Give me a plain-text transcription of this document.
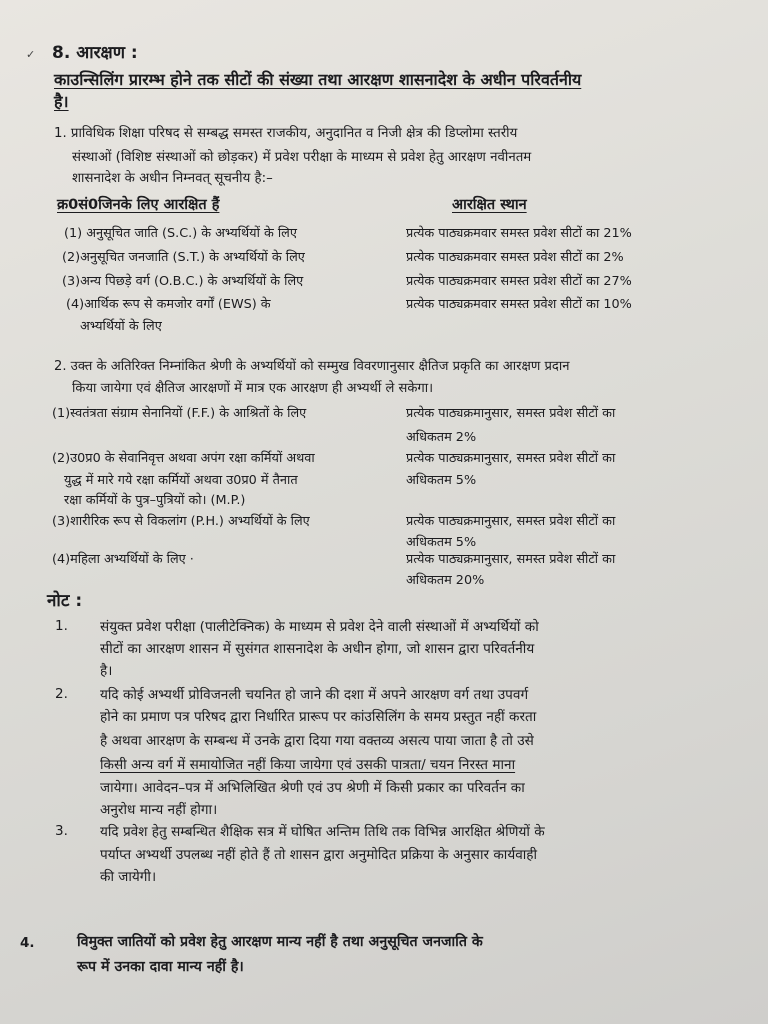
✓ 8. आरक्षण :
काउन्सिलिंग प्रारम्भ होने तक सीटों की संख्या तथा आरक्षण शासनादेश के अधीन परिवर्तनीय
है।
1. प्राविधिक शिक्षा परिषद से सम्बद्ध समस्त राजकीय, अनुदानित व निजी क्षेत्र की डिप्लोमा स्तरीय
संस्थाओं (विशिष्ट संस्थाओं को छोड़कर) में प्रवेश परीक्षा के माध्यम से प्रवेश हेतु आरक्षण नवीनतम
शासनादेश के अधीन निम्नवत् सूचनीय है:–
क्र0सं0जिनके लिए आरक्षित हैं	आरक्षित स्थान
(1) अनुसूचित जाति (S.C.) के अभ्यर्थियों के लिए	प्रत्येक पाठ्यक्रमवार समस्त प्रवेश सीटों का 21%
(2)अनुसूचित जनजाति (S.T.) के अभ्यर्थियों के लिए	प्रत्येक पाठ्यक्रमवार समस्त प्रवेश सीटों का 2%
(3)अन्य पिछड़े वर्ग (O.B.C.) के अभ्यर्थियों के लिए	प्रत्येक पाठ्यक्रमवार समस्त प्रवेश सीटों का 27%
(4)आर्थिक रूप से कमजोर वर्गों (EWS) के
अभ्यर्थियों के लिए
प्रत्येक पाठ्यक्रमवार समस्त प्रवेश सीटों का 10%
2. उक्त के अतिरिक्त निम्नांकित श्रेणी के अभ्यर्थियों को सम्मुख विवरणानुसार क्षैतिज प्रकृति का आरक्षण प्रदान
किया जायेगा एवं क्षैतिज आरक्षणों में मात्र एक आरक्षण ही अभ्यर्थी ले सकेगा।
(1)स्वतंत्रता संग्राम सेनानियों (F.F.) के आश्रितों के लिए	प्रत्येक पाठ्यक्रमानुसार, समस्त प्रवेश सीटों का
अधिकतम 2%
(2)उ0प्र0 के सेवानिवृत्त अथवा अपंग रक्षा कर्मियों अथवा
युद्ध में मारे गये रक्षा कर्मियों अथवा उ0प्र0 में तैनात
रक्षा कर्मियों के पुत्र–पुत्रियों को। (M.P.)
प्रत्येक पाठ्यक्रमानुसार, समस्त प्रवेश सीटों का
अधिकतम 5%
(3)शारीरिक रूप से विकलांग (P.H.) अभ्यर्थियों के लिए	प्रत्येक पाठ्यक्रमानुसार, समस्त प्रवेश सीटों का
अधिकतम 5%
(4)महिला अभ्यर्थियों के लिए ·	प्रत्येक पाठ्यक्रमानुसार, समस्त प्रवेश सीटों का
अधिकतम 20%
नोट :
1. संयुक्त प्रवेश परीक्षा (पालीटेक्निक) के माध्यम से प्रवेश देने वाली संस्थाओं में अभ्यर्थियों को
सीटों का आरक्षण शासन में सुसंगत शासनादेश के अधीन होगा, जो शासन द्वारा परिवर्तनीय
है।
2. यदि कोई अभ्यर्थी प्रोविजनली चयनित हो जाने की दशा में अपने आरक्षण वर्ग तथा उपवर्ग
होने का प्रमाण पत्र परिषद द्वारा निर्धारित प्रारूप पर कांउसिलिंग के समय प्रस्तुत नहीं करता
है अथवा आरक्षण के सम्बन्ध में उनके द्वारा दिया गया वक्तव्य असत्य पाया जाता है तो उसे
किसी अन्य वर्ग में समायोजित नहीं किया जायेगा एवं उसकी पात्रता/ चयन निरस्त माना
जायेगा। आवेदन–पत्र में अभिलिखित श्रेणी एवं उप श्रेणी में किसी प्रकार का परिवर्तन का
अनुरोध मान्य नहीं होगा।
3. यदि प्रवेश हेतु सम्बन्धित शैक्षिक सत्र में घोषित अन्तिम तिथि तक विभिन्न आरक्षित श्रेणियों के
पर्याप्त अभ्यर्थी उपलब्ध नहीं होते हैं तो शासन द्वारा अनुमोदित प्रक्रिया के अनुसार कार्यवाही
की जायेगी।
4.	विमुक्त जातियों को प्रवेश हेतु आरक्षण मान्य नहीं है तथा अनुसूचित जनजाति के
रूप में उनका दावा मान्य नहीं है।
